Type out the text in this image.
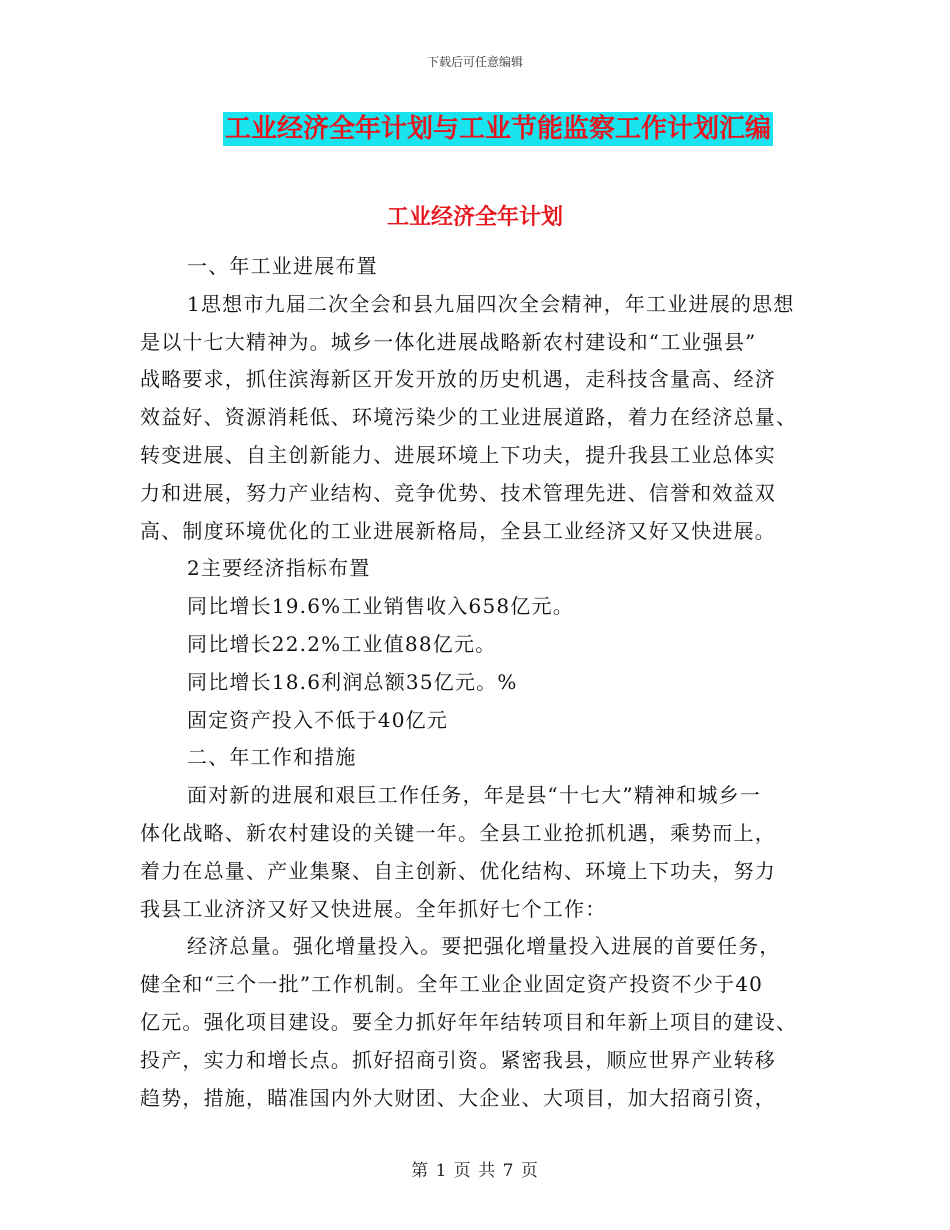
下载后可任意编辑
工业经济全年计划与工业节能监察工作计划汇编
工业经济全年计划
一、年工业进展布置
1思想市九届二次全会和县九届四次全会精神，年工业进展的思想
是以十七大精神为。城乡一体化进展战略新农村建设和“工业强县”
战略要求，抓住滨海新区开发开放的历史机遇，走科技含量高、经济
效益好、资源消耗低、环境污染少的工业进展道路，着力在经济总量、
转变进展、自主创新能力、进展环境上下功夫，提升我县工业总体实
力和进展，努力产业结构、竞争优势、技术管理先进、信誉和效益双
高、制度环境优化的工业进展新格局，全县工业经济又好又快进展。
2主要经济指标布置
同比增长19.6%工业销售收入658亿元。
同比增长22.2%工业值88亿元。
同比增长18.6利润总额35亿元。%
固定资产投入不低于40亿元
二、年工作和措施
面对新的进展和艰巨工作任务，年是县“十七大”精神和城乡一
体化战略、新农村建设的关键一年。全县工业抢抓机遇，乘势而上，
着力在总量、产业集聚、自主创新、优化结构、环境上下功夫，努力
我县工业济济又好又快进展。全年抓好七个工作：
经济总量。强化增量投入。要把强化增量投入进展的首要任务，
健全和“三个一批”工作机制。全年工业企业固定资产投资不少于40
亿元。强化项目建设。要全力抓好年年结转项目和年新上项目的建设、
投产，实力和增长点。抓好招商引资。紧密我县，顺应世界产业转移
趋势，措施，瞄准国内外大财团、大企业、大项目，加大招商引资，
第 1 页 共 7 页
